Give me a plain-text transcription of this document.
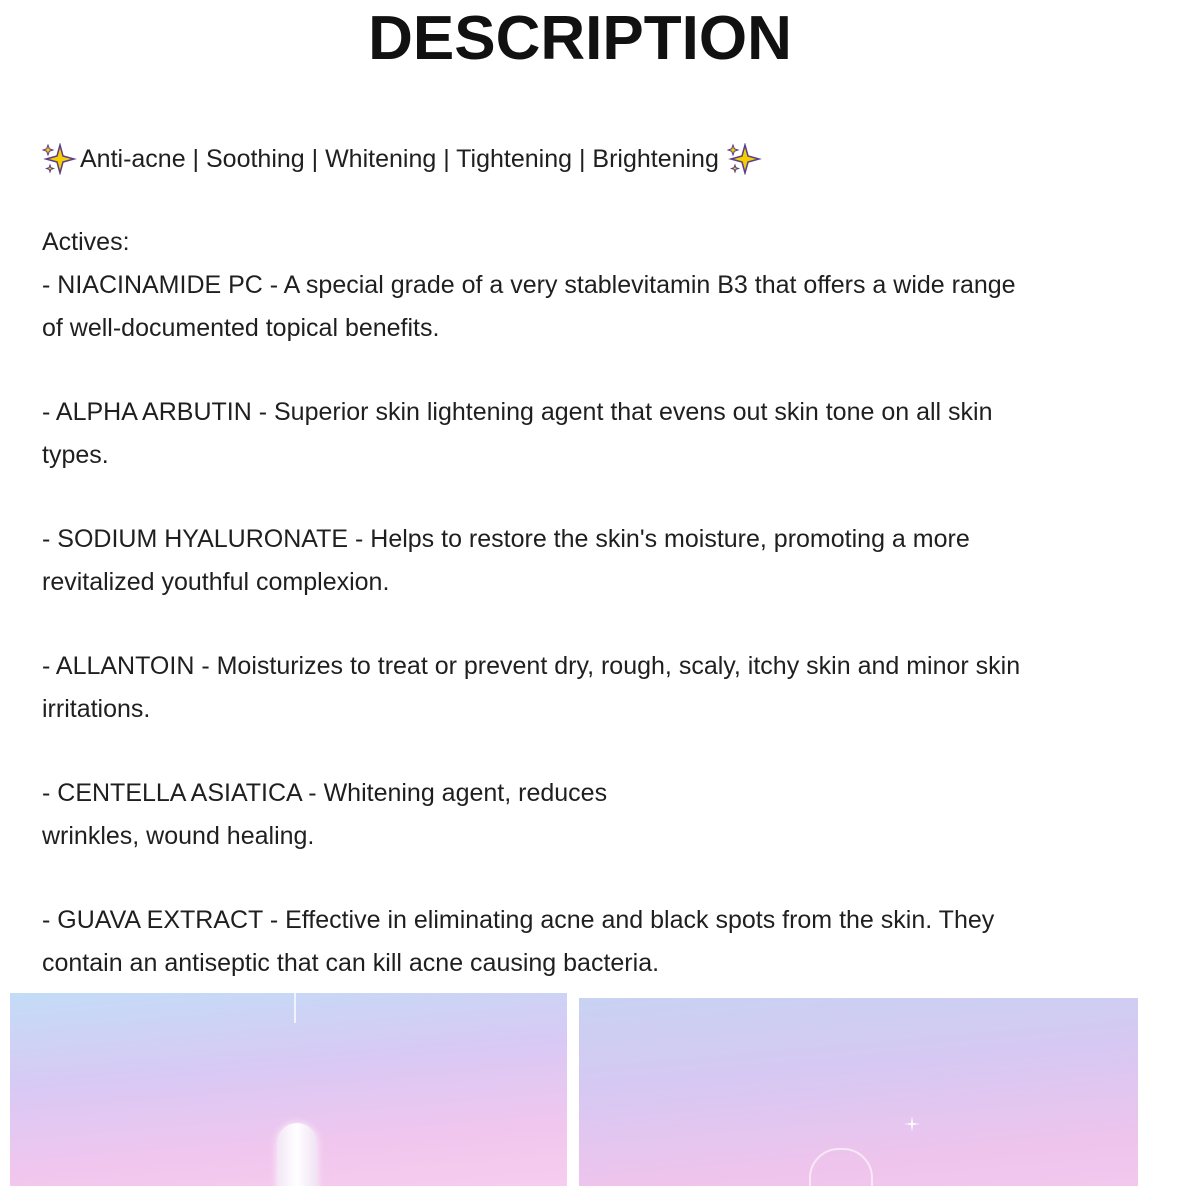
DESCRIPTION

Anti-acne | Soothing | Whitening | Tightening | Brightening

Actives:

- NIACINAMIDE PC - A special grade of a very stablevitamin B3 that offers a wide range
of well-documented topical benefits.

- ALPHA ARBUTIN - Superior skin lightening agent that evens out skin tone on all skin
types.

- SODIUM HYALURONATE - Helps to restore the skin's moisture, promoting a more
revitalized youthful complexion.

- ALLANTOIN - Moisturizes to treat or prevent dry, rough, scaly, itchy skin and minor skin
irritations.

- CENTELLA ASIATICA - Whitening agent, reduces
wrinkles, wound healing.

- GUAVA EXTRACT - Effective in eliminating acne and black spots from the skin. They
contain an antiseptic that can kill acne causing bacteria.
